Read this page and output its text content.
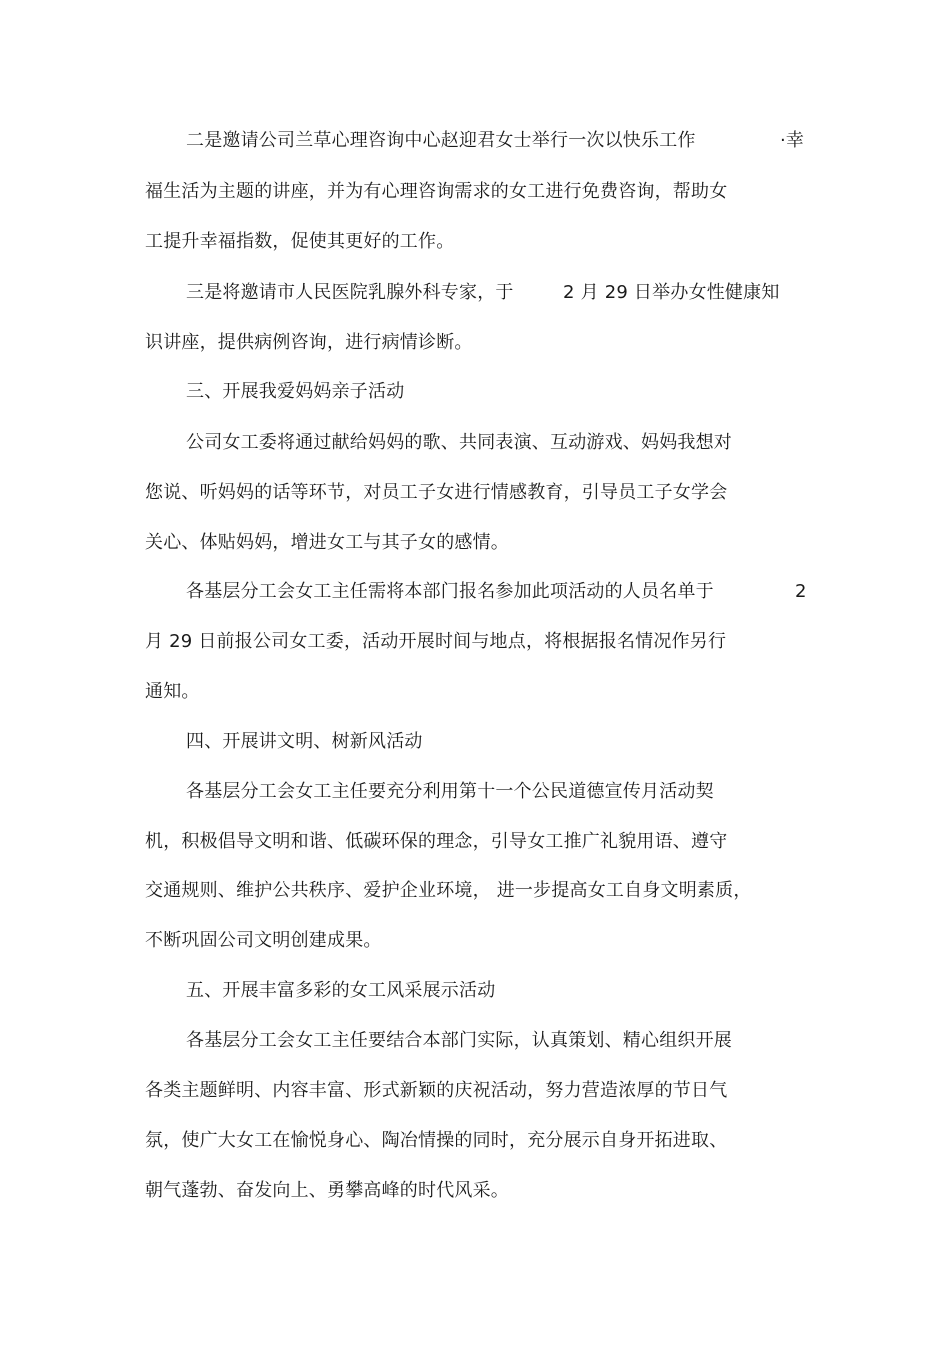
二是邀请公司兰草心理咨询中心赵迎君女士举行一次以快乐工作	·幸
福生活为主题的讲座，并为有心理咨询需求的女工进行免费咨询，帮助女
工提升幸福指数，促使其更好的工作。
三是将邀请市人民医院乳腺外科专家，于	2 月 29 日举办女性健康知
识讲座，提供病例咨询，进行病情诊断。
三、开展我爱妈妈亲子活动
公司女工委将通过献给妈妈的歌、共同表演、互动游戏、妈妈我想对
您说、听妈妈的话等环节，对员工子女进行情感教育，引导员工子女学会
关心、体贴妈妈，增进女工与其子女的感情。
各基层分工会女工主任需将本部门报名参加此项活动的人员名单于	2
月 29 日前报公司女工委，活动开展时间与地点，将根据报名情况作另行
通知。
四、开展讲文明、树新风活动
各基层分工会女工主任要充分利用第十一个公民道德宣传月活动契
机，积极倡导文明和谐、低碳环保的理念，引导女工推广礼貌用语、遵守
交通规则、维护公共秩序、爱护企业环境， 进一步提高女工自身文明素质，
不断巩固公司文明创建成果。
五、开展丰富多彩的女工风采展示活动
各基层分工会女工主任要结合本部门实际，认真策划、精心组织开展
各类主题鲜明、内容丰富、形式新颖的庆祝活动，努力营造浓厚的节日气
氛，使广大女工在愉悦身心、陶冶情操的同时，充分展示自身开拓进取、
朝气蓬勃、奋发向上、勇攀高峰的时代风采。
